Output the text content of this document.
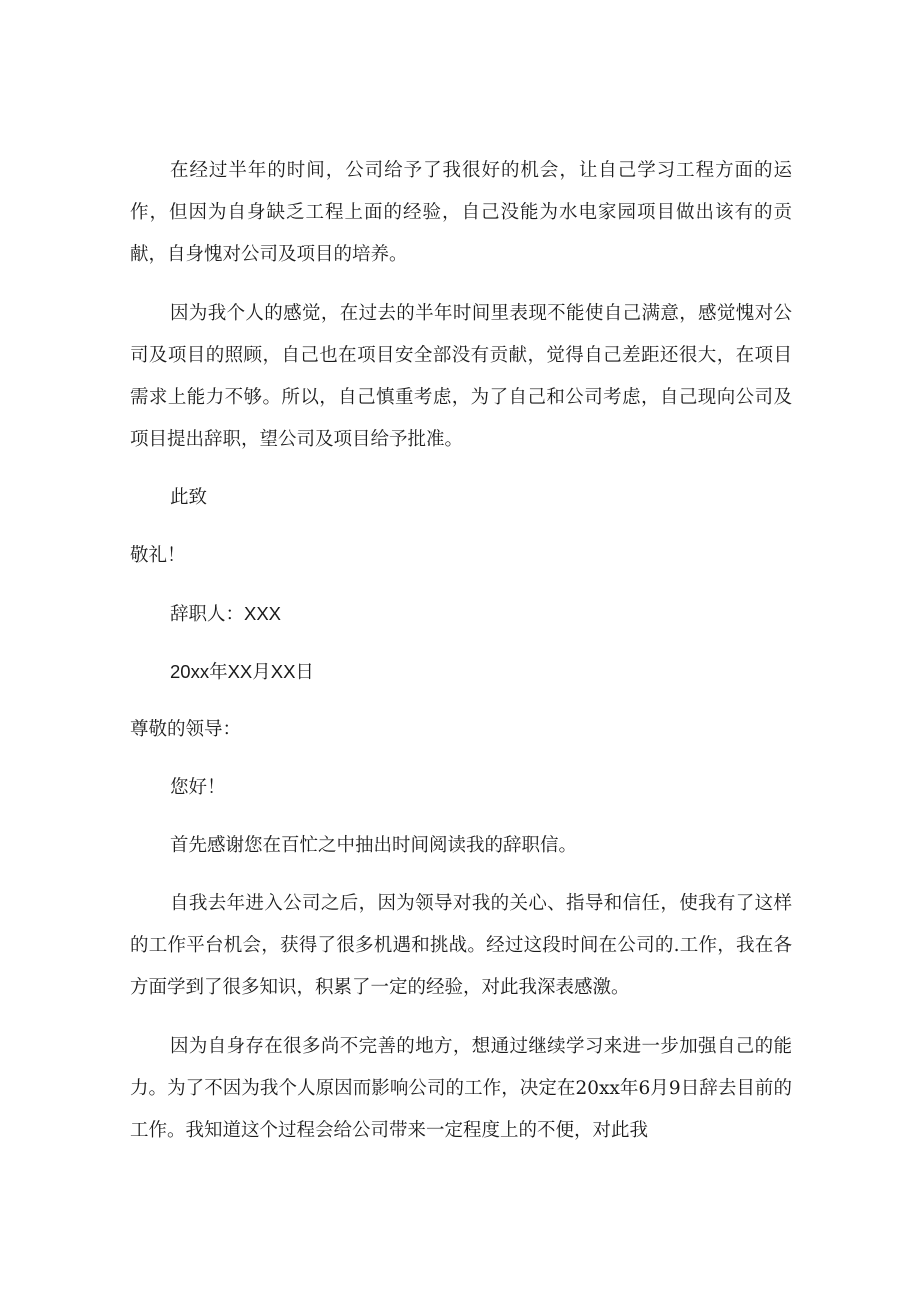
在经过半年的时间，公司给予了我很好的机会，让自己学习工程方面的运作，但因为自身缺乏工程上面的经验，自己没能为水电家园项目做出该有的贡献，自身愧对公司及项目的培养。

因为我个人的感觉，在过去的半年时间里表现不能使自己满意，感觉愧对公司及项目的照顾，自己也在项目安全部没有贡献，觉得自己差距还很大，在项目需求上能力不够。所以，自己慎重考虑，为了自己和公司考虑，自己现向公司及项目提出辞职，望公司及项目给予批准。

此致

敬礼！

辞职人：XXX

20xx年XX月XX日

尊敬的领导：

您好！

首先感谢您在百忙之中抽出时间阅读我的辞职信。

自我去年进入公司之后，因为领导对我的关心、指导和信任，使我有了这样的工作平台机会，获得了很多机遇和挑战。经过这段时间在公司的.工作，我在各方面学到了很多知识，积累了一定的经验，对此我深表感激。

因为自身存在很多尚不完善的地方，想通过继续学习来进一步加强自己的能力。为了不因为我个人原因而影响公司的工作，决定在20xx年6月9日辞去目前的工作。我知道这个过程会给公司带来一定程度上的不便，对此我
